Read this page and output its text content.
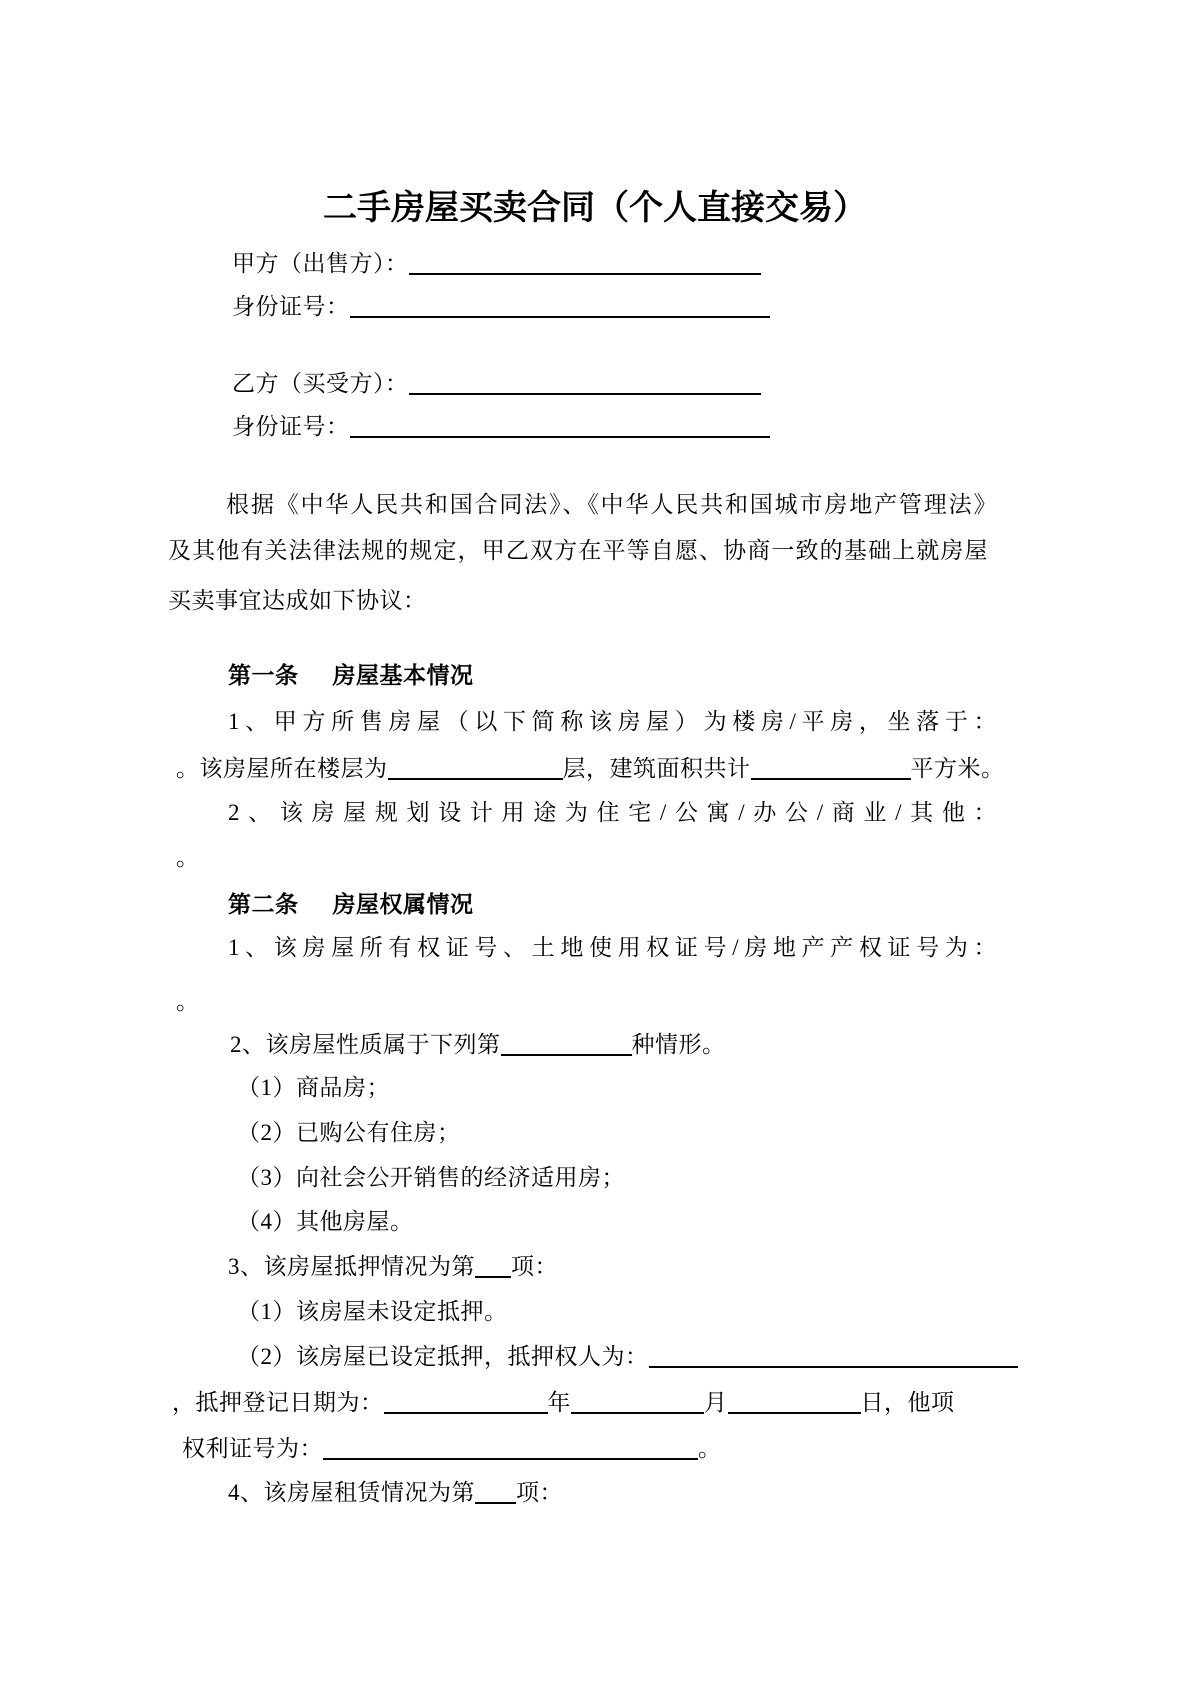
二手房屋买卖合同（个人直接交易）
甲方（出售方）：
身份证号：
乙方（买受方）：
身份证号：
根据《中华人民共和国合同法》、《中华人民共和国城市房地产管理法》
及其他有关法律法规的规定，甲乙双方在平等自愿、协商一致的基础上就房屋
买卖事宜达成如下协议：
第一条 房屋基本情况
1、甲方所售房屋（以下简称该房屋）为楼房/平房，坐落于：
。该房屋所在楼层为	层，建筑面积共计	平方米。
2、该房屋规划设计用途为住宅/公寓/办公/商业/其他：
。
第二条 房屋权属情况
1、该房屋所有权证号、土地使用权证号/房地产产权证号为：
。
2、该房屋性质属于下列第	种情形。
（1）商品房；
（2）已购公有住房；
（3）向社会公开销售的经济适用房；
（4）其他房屋。
3、该房屋抵押情况为第 项：
（1）该房屋未设定抵押。
（2）该房屋已设定抵押，抵押权人为：
，抵押登记日期为：	年	月	日，他项
权利证号为：	。
4、该房屋租赁情况为第 项：
